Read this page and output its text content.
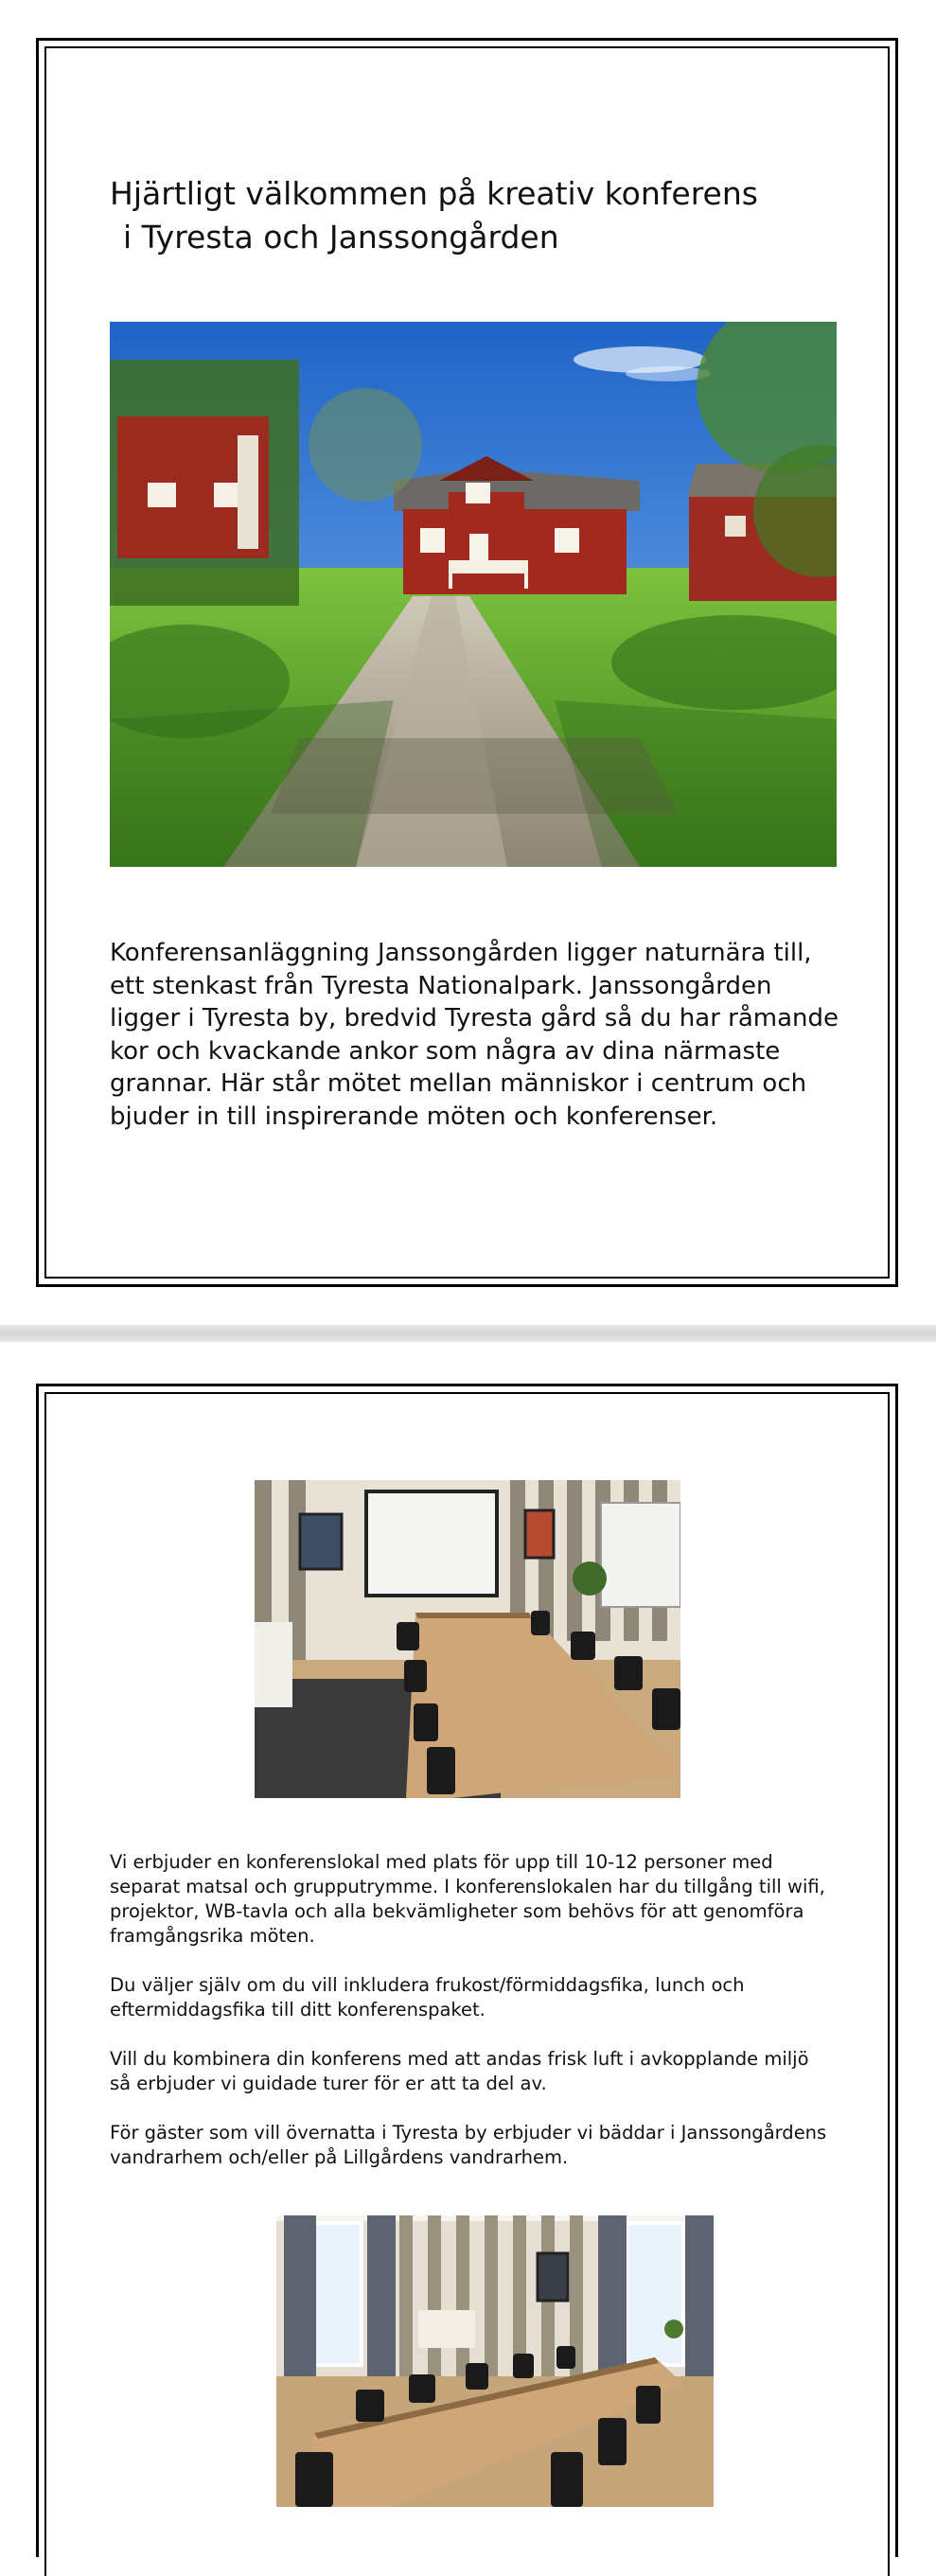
Hjärtligt välkommen på kreativ konferens
i Tyresta och Janssongården

Konferensanläggning Janssongården ligger naturnära till, ett stenkast från Tyresta Nationalpark. Janssongården ligger i Tyresta by, bredvid Tyresta gård så du har råmande kor och kvackande ankor som några av dina närmaste grannar. Här står mötet mellan människor i centrum och bjuder in till inspirerande möten och konferenser.

Vi erbjuder en konferenslokal med plats för upp till 10-12 personer med separat matsal och grupputrymme. I konferenslokalen har du tillgång till wifi, projektor, WB-tavla och alla bekvämligheter som behövs för att genomföra framgångsrika möten.

Du väljer själv om du vill inkludera frukost/förmiddagsfika, lunch och eftermiddagsfika till ditt konferenspaket.

Vill du kombinera din konferens med att andas frisk luft i avkopplande miljö så erbjuder vi guidade turer för er att ta del av.

För gäster som vill övernatta i Tyresta by erbjuder vi bäddar i Janssongårdens vandrarhem och/eller på Lillgårdens vandrarhem.
